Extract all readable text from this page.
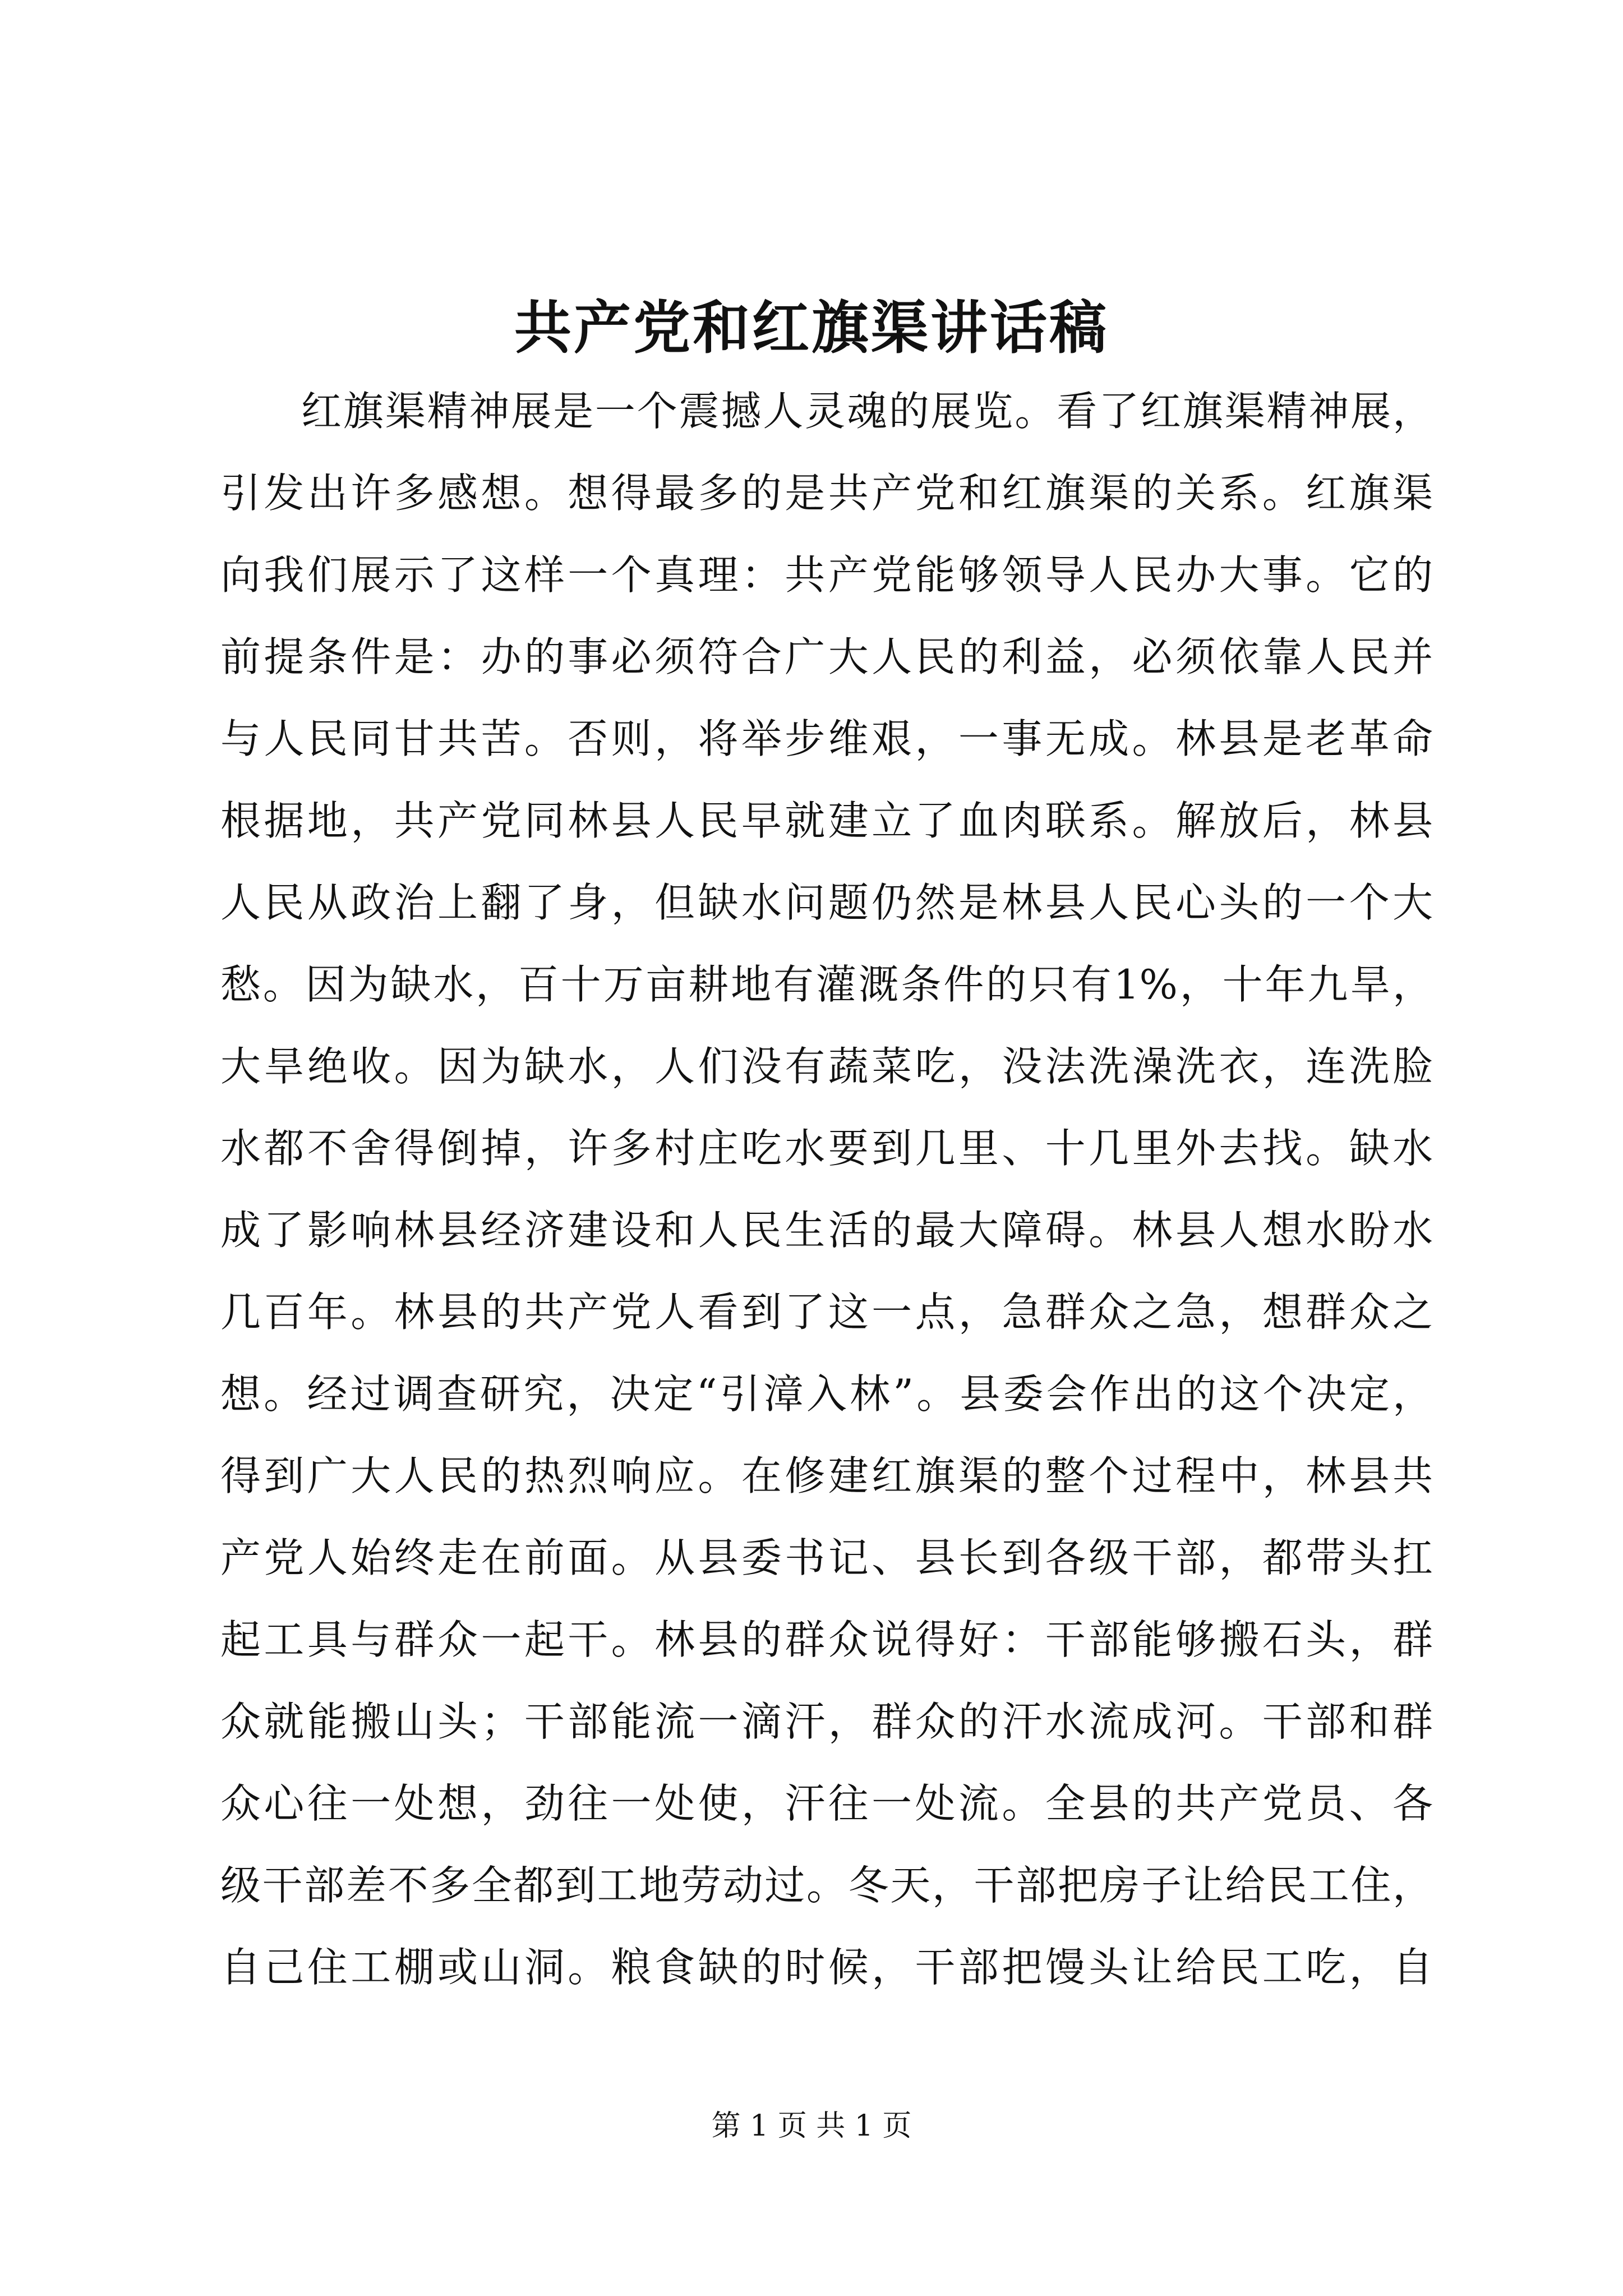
共产党和红旗渠讲话稿
红旗渠精神展是一个震撼人灵魂的展览。看了红旗渠精神展，
引发出许多感想。想得最多的是共产党和红旗渠的关系。红旗渠
向我们展示了这样一个真理：共产党能够领导人民办大事。它的
前提条件是：办的事必须符合广大人民的利益，必须依靠人民并
与人民同甘共苦。否则，将举步维艰，一事无成。林县是老革命
根据地，共产党同林县人民早就建立了血肉联系。解放后，林县
人民从政治上翻了身，但缺水问题仍然是林县人民心头的一个大
愁。因为缺水，百十万亩耕地有灌溉条件的只有1%，十年九旱，
大旱绝收。因为缺水，人们没有蔬菜吃，没法洗澡洗衣，连洗脸
水都不舍得倒掉，许多村庄吃水要到几里、十几里外去找。缺水
成了影响林县经济建设和人民生活的最大障碍。林县人想水盼水
几百年。林县的共产党人看到了这一点，急群众之急，想群众之
想。经过调查研究，决定“引漳入林”。县委会作出的这个决定，
得到广大人民的热烈响应。在修建红旗渠的整个过程中，林县共
产党人始终走在前面。从县委书记、县长到各级干部，都带头扛
起工具与群众一起干。林县的群众说得好：干部能够搬石头，群
众就能搬山头；干部能流一滴汗，群众的汗水流成河。干部和群
众心往一处想，劲往一处使，汗往一处流。全县的共产党员、各
级干部差不多全都到工地劳动过。冬天，干部把房子让给民工住，
自己住工棚或山洞。粮食缺的时候，干部把馒头让给民工吃，自
第 1 页 共 1 页
